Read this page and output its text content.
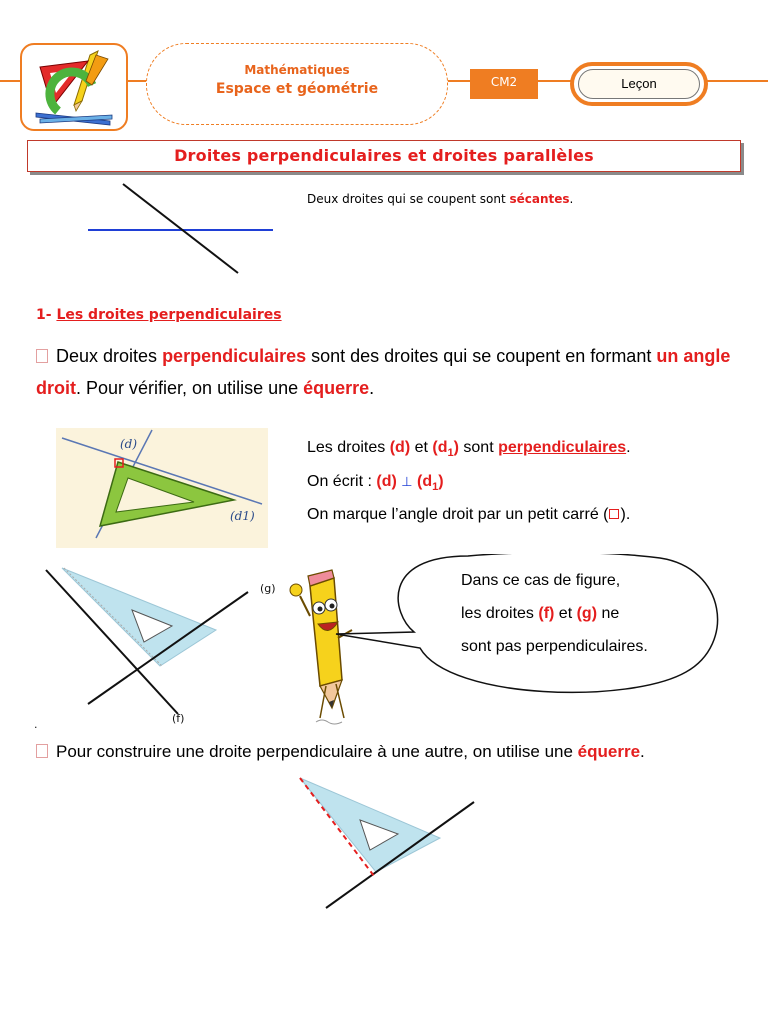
Mathématiques
Espace et géométrie	CM2	Leçon
Droites perpendiculaires et droites parallèles
Deux droites qui se coupent sont sécantes.
1- Les droites perpendiculaires
Deux droites perpendiculaires sont des droites qui se coupent en formant un angle droit. Pour vérifier, on utilise une équerre.
(d)
(d1)
Les droites (d) et $(d_1)$ sont perpendiculaires.
On écrit : (d) ⊥ $(d_1)$
On marque l’angle droit par un petit carré ( ).
(g)
(f)
.
Dans ce cas de figure,
les droites (f) et (g) ne
sont pas perpendiculaires.
Pour construire une droite perpendiculaire à une autre, on utilise une équerre.
